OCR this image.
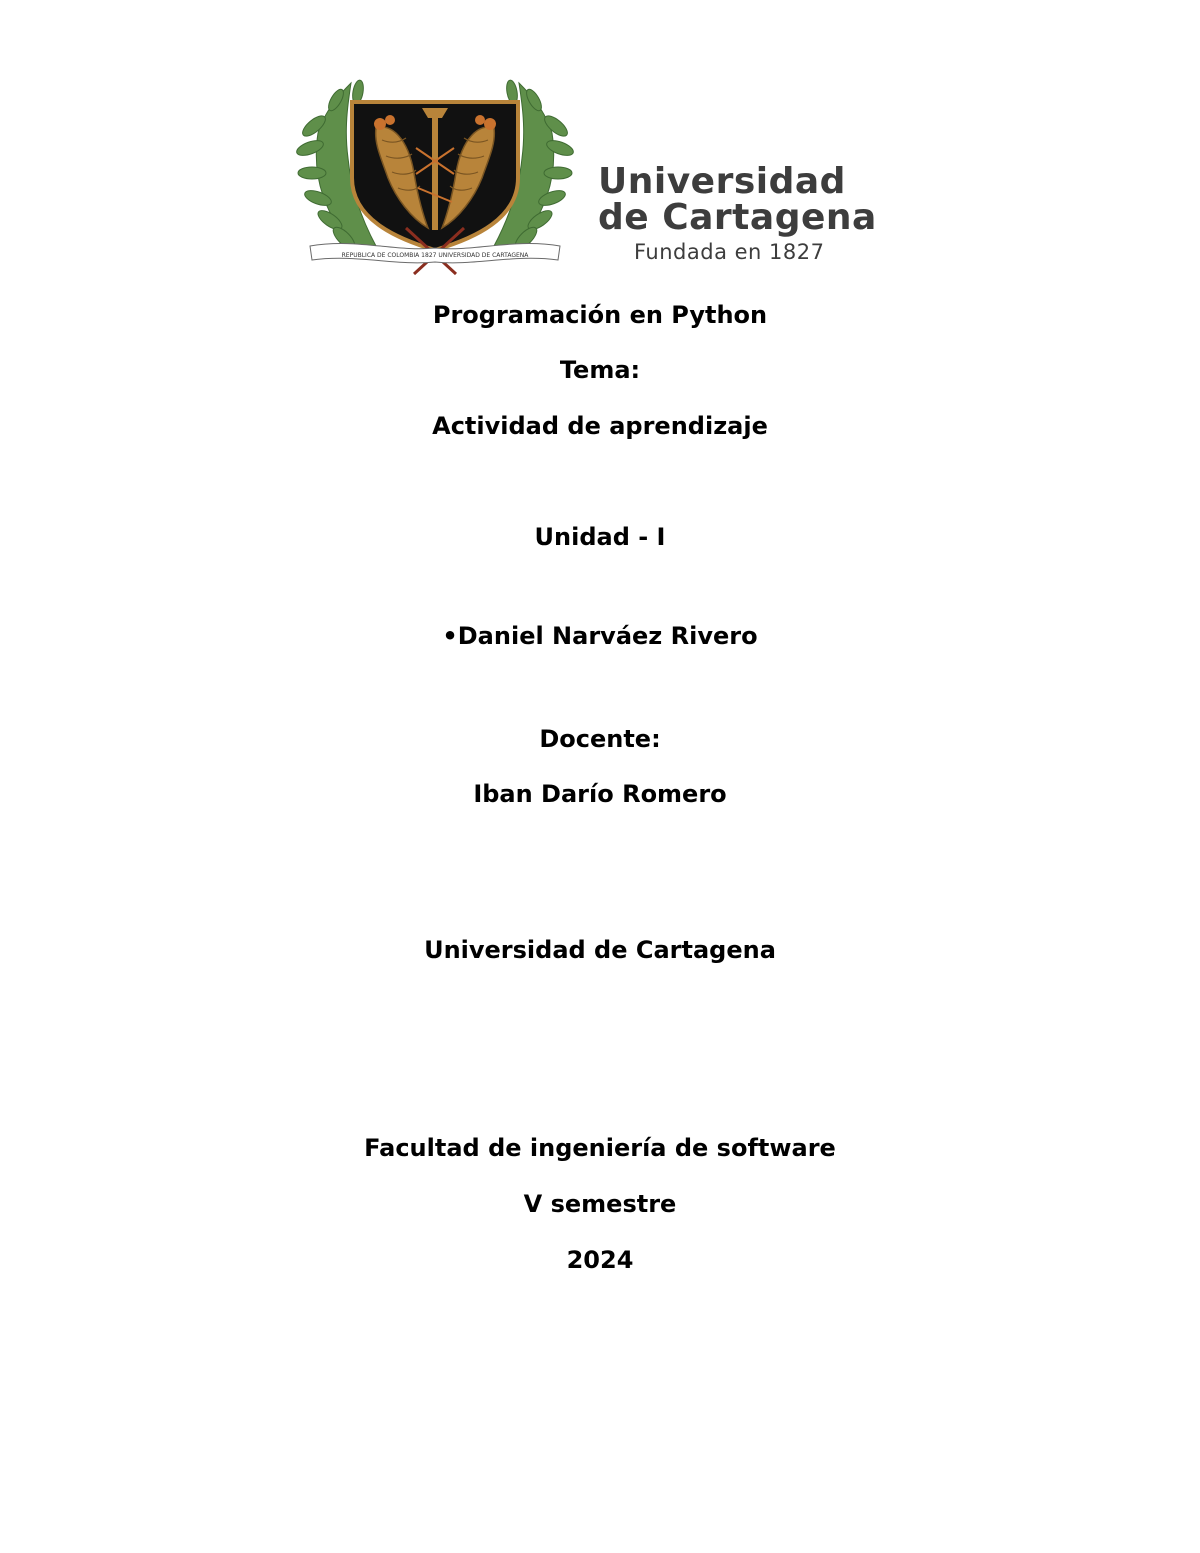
REPUBLICA DE COLOMBIA 1827 UNIVERSIDAD DE CARTAGENA
Universidad
de Cartagena
Fundada en 1827
Programación en Python
Tema:
Actividad de aprendizaje
Unidad - I
•Daniel Narváez Rivero
Docente:
Iban Darío Romero
Universidad de Cartagena
Facultad de ingeniería de software
V semestre
2024
